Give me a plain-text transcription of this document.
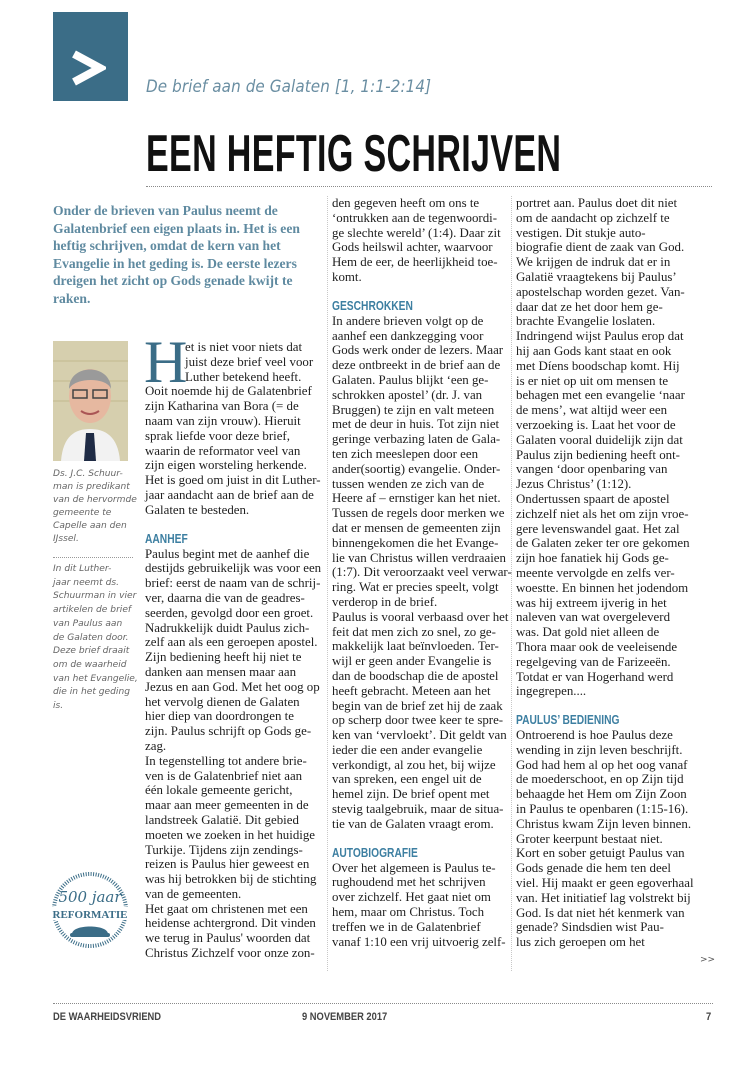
De brief aan de Galaten [1, 1:1-2:14]
EEN HEFTIG SCHRIJVEN
Onder de brieven van Paulus neemt de
Galatenbrief een eigen plaats in. Het is een
heftig schrijven, omdat de kern van het
Evangelie in het geding is. De eerste lezers
dreigen het zicht op Gods genade kwijt te
raken.
Ds. J.C. Schuur-
man is predikant
van de hervormde
gemeente te
Capelle aan den
IJssel.
In dit Luther-
jaar neemt ds.
Schuurman in vier
artikelen de brief
van Paulus aan
de Galaten door.
Deze brief draait
om de waarheid
van het Evangelie,
die in het geding
is.
500 jaar
REFORMATIE
H
et is niet voor niets dat
juist deze brief veel voor
Luther betekend heeft.
Ooit noemde hij de Galatenbrief
zijn Katharina van Bora (= de
naam van zijn vrouw). Hieruit
sprak liefde voor deze brief,
waarin de reformator veel van
zijn eigen worsteling herkende.
Het is goed om juist in dit Luther-
jaar aandacht aan de brief aan de
Galaten te besteden.
AANHEF
Paulus begint met de aanhef die
destijds gebruikelijk was voor een
brief: eerst de naam van de schrij-
ver, daarna die van de geadres-
seerden, gevolgd door een groet.
Nadrukkelijk duidt Paulus zich-
zelf aan als een geroepen apostel.
Zijn bediening heeft hij niet te
danken aan mensen maar aan
Jezus en aan God. Met het oog op
het vervolg dienen de Galaten
hier diep van doordrongen te
zijn. Paulus schrijft op Gods ge-
zag.
In tegenstelling tot andere brie-
ven is de Galatenbrief niet aan
één lokale gemeente gericht,
maar aan meer gemeenten in de
landstreek Galatië. Dit gebied
moeten we zoeken in het huidige
Turkije. Tijdens zijn zendings-
reizen is Paulus hier geweest en
was hij betrokken bij de stichting
van de gemeenten.
Het gaat om christenen met een
heidense achtergrond. Dit vinden
we terug in Paulus' woorden dat
Christus Zichzelf voor onze zon-
den gegeven heeft om ons te
‘ontrukken aan de tegenwoordi-
ge slechte wereld’ (1:4). Daar zit
Gods heilswil achter, waarvoor
Hem de eer, de heerlijkheid toe-
komt.
GESCHROKKEN
In andere brieven volgt op de
aanhef een dankzegging voor
Gods werk onder de lezers. Maar
deze ontbreekt in de brief aan de
Galaten. Paulus blijkt ‘een ge-
schrokken apostel’ (dr. J. van
Bruggen) te zijn en valt meteen
met de deur in huis. Tot zijn niet
geringe verbazing laten de Gala-
ten zich meeslepen door een
ander(soortig) evangelie. Onder-
tussen wenden ze zich van de
Heere af – ernstiger kan het niet.
Tussen de regels door merken we
dat er mensen de gemeenten zijn
binnengekomen die het Evange-
lie van Christus willen verdraaien
(1:7). Dit veroorzaakt veel verwar-
ring. Wat er precies speelt, volgt
verderop in de brief.
Paulus is vooral verbaasd over het
feit dat men zich zo snel, zo ge-
makkelijk laat beïnvloeden. Ter-
wijl er geen ander Evangelie is
dan de boodschap die de apostel
heeft gebracht. Meteen aan het
begin van de brief zet hij de zaak
op scherp door twee keer te spre-
ken van ‘vervloekt’. Dit geldt van
ieder die een ander evangelie
verkondigt, al zou het, bij wijze
van spreken, een engel uit de
hemel zijn. De brief opent met
stevig taalgebruik, maar de situa-
tie van de Galaten vraagt erom.
AUTOBIOGRAFIE
Over het algemeen is Paulus te-
rughoudend met het schrijven
over zichzelf. Het gaat niet om
hem, maar om Christus. Toch
treffen we in de Galatenbrief
vanaf 1:10 een vrij uitvoerig zelf-
portret aan. Paulus doet dit niet
om de aandacht op zichzelf te
vestigen. Dit stukje auto-
biografie dient de zaak van God.
We krijgen de indruk dat er in
Galatië vraagtekens bij Paulus’
apostelschap worden gezet. Van-
daar dat ze het door hem ge-
brachte Evangelie loslaten.
Indringend wijst Paulus erop dat
hij aan Gods kant staat en ook
met Díens boodschap komt. Hij
is er niet op uit om mensen te
behagen met een evangelie ‘naar
de mens’, wat altijd weer een
verzoeking is. Laat het voor de
Galaten vooral duidelijk zijn dat
Paulus zijn bediening heeft ont-
vangen ‘door openbaring van
Jezus Christus’ (1:12).
Ondertussen spaart de apostel
zichzelf niet als het om zijn vroe-
gere levenswandel gaat. Het zal
de Galaten zeker ter ore gekomen
zijn hoe fanatiek hij Gods ge-
meente vervolgde en zelfs ver-
woestte. En binnen het jodendom
was hij extreem ijverig in het
naleven van wat overgeleverd
was. Dat gold niet alleen de
Thora maar ook de veeleisende
regelgeving van de Farizeeën.
Totdat er van Hogerhand werd
ingegrepen....
PAULUS’ BEDIENING
Ontroerend is hoe Paulus deze
wending in zijn leven beschrijft.
God had hem al op het oog vanaf
de moederschoot, en op Zijn tijd
behaagde het Hem om Zijn Zoon
in Paulus te openbaren (1:15-16).
Christus kwam Zijn leven binnen.
Groter keerpunt bestaat niet.
Kort en sober getuigt Paulus van
Gods genade die hem ten deel
viel. Hij maakt er geen egoverhaal
van. Het initiatief lag volstrekt bij
God. Is dat niet hét kenmerk van
genade? Sindsdien wist Pau-
lus zich geroepen om het
>>
DE WAARHEIDSVRIEND	9 NOVEMBER 2017	7
